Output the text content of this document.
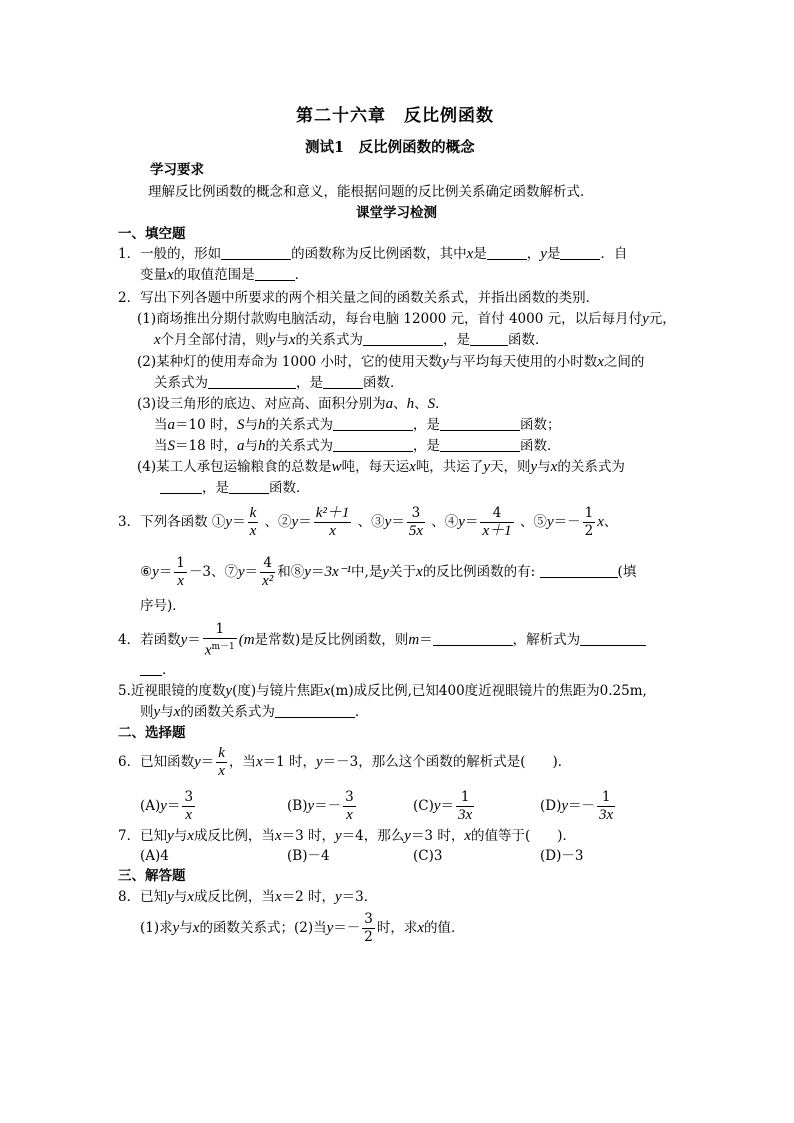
第二十六章　反比例函数
测试1　反比例函数的概念
学习要求
理解反比例函数的概念和意义，能根据问题的反比例关系确定函数解析式．
课堂学习检测
一、填空题
1．一般的，形如	的函数称为反比例函数，其中x是	，y是	．自
变量x的取值范围是	．
2．写出下列各题中所要求的两个相关量之间的函数关系式，并指出函数的类别．
(1)商场推出分期付款购电脑活动，每台电脑 12000 元，首付 4000 元，以后每月付y元，
x个月全部付清，则y与x的关系式为	，是	函数．
(2)某种灯的使用寿命为 1000 小时，它的使用天数y与平均每天使用的小时数x之间的
关系式为	，是	函数．
(3)设三角形的底边、对应高、面积分别为a、h、S．
当a＝10 时，S与h的关系式为	，是	函数；
当S＝18 时，a与h的关系式为	，是	函数．
(4)某工人承包运输粮食的总数是w吨，每天运x吨，共运了y天，则y与x的关系式为
，是	函数．
3．下列各函数 ①y＝ $\frac{k}{x}$ 、②y＝ $\frac{\text{k²＋1}}{x}$ 、③y＝ $\frac{3}{5x}$ 、④y＝ $\frac{4}{x+1}$ 、⑤y＝－ $\frac{1}{2}$ x、
⑥y＝ $\frac{1}{x} -3$、⑦y＝ $\frac{4}{\text{x²}}$ 和⑧y＝3x⁻¹中,是y关于x的反比例函数的有:	(填
序号)．
4．若函数$y= \frac{1}{x^{m-1}} (m$是常数)是反比例函数，则m＝	，解析式为
．
5.近视眼镜的度数y(度)与镜片焦距x(m)成反比例,已知400度近视眼镜片的焦距为0.25m,
则y与x的函数关系式为	．
二、选择题
6．已知函数$y= \frac{k}{x}$ ，当x＝1 时，y＝－3，那么这个函数的解析式是(　　)．
$(A)y= \frac{3}{x}$	$(B)y=- \frac{3}{x}$	$(C)y= \frac{1}{3x}$	$(D)y=- \frac{1}{3x}$
7．已知y与x成反比例，当x＝3 时，y＝4，那么y＝3 时，x的值等于(　　)．
(A)4	(B)－4	(C)3	(D)－3
三、解答题
8．已知y与x成反比例，当x＝2 时，y＝3．
(1)求y与x的函数关系式；(2)当$y=- \frac{3}{2}$ 时，求x的值．
